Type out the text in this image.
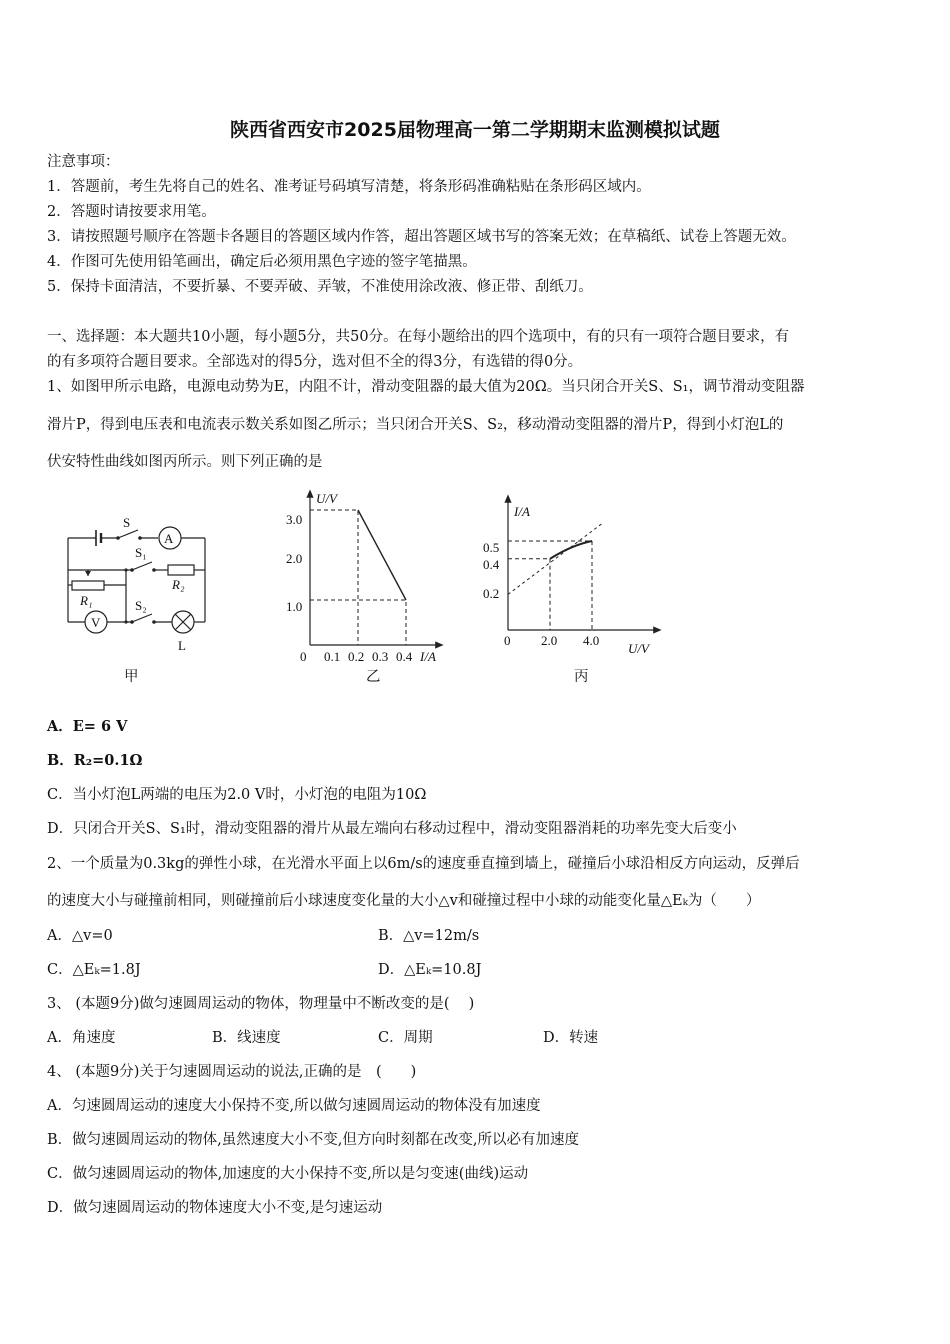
陕西省西安市2025届物理高一第二学期期末监测模拟试题
注意事项：
1．答题前，考生先将自己的姓名、准考证号码填写清楚，将条形码准确粘贴在条形码区域内。
2．答题时请按要求用笔。
3．请按照题号顺序在答题卡各题目的答题区域内作答，超出答题区域书写的答案无效；在草稿纸、试卷上答题无效。
4．作图可先使用铅笔画出，确定后必须用黑色字迹的签字笔描黑。
5．保持卡面清洁，不要折暴、不要弄破、弄皱，不准使用涂改液、修正带、刮纸刀。
一、选择题：本大题共10小题，每小题5分，共50分。在每小题给出的四个选项中，有的只有一项符合题目要求，有
的有多项符合题目要求。全部选对的得5分，选对但不全的得3分，有选错的得0分。
1、如图甲所示电路，电源电动势为E，内阻不计，滑动变阻器的最大值为20Ω。当只闭合开关S、S₁，调节滑动变阻器
滑片P，得到电压表和电流表示数关系如图乙所示；当只闭合开关S、S₂，移动滑动变阻器的滑片P，得到小灯泡L的
伏安特性曲线如图丙所示。则下列正确的是
S
A
S₁
R₂
R₁
V
S₂
L
甲
U/V
I/A
3.0
2.0
1.0
0 0.1 0.2 0.3 0.4
乙
I/A
U/V
0.5
0.4
0.2
0 2.0 4.0
丙
A．E= 6 V
B．R₂=0.1Ω
C．当小灯泡L两端的电压为2.0 V时，小灯泡的电阻为10Ω
D．只闭合开关S、S₁时，滑动变阻器的滑片从最左端向右移动过程中，滑动变阻器消耗的功率先变大后变小
2、一个质量为0.3kg的弹性小球，在光滑水平面上以6m/s的速度垂直撞到墙上，碰撞后小球沿相反方向运动，反弹后
的速度大小与碰撞前相同，则碰撞前后小球速度变化量的大小△v和碰撞过程中小球的动能变化量△Eₖ为（　　）
A．△v=0	B．△v=12m/s
C．△Eₖ=1.8J	D．△Eₖ=10.8J
3、 (本题9分)做匀速圆周运动的物体，物理量中不断改变的是(　 )
A．角速度	B．线速度	C．周期	D．转速
4、 (本题9分)关于匀速圆周运动的说法,正确的是　(　　)
A．匀速圆周运动的速度大小保持不变,所以做匀速圆周运动的物体没有加速度
B．做匀速圆周运动的物体,虽然速度大小不变,但方向时刻都在改变,所以必有加速度
C．做匀速圆周运动的物体,加速度的大小保持不变,所以是匀变速(曲线)运动
D．做匀速圆周运动的物体速度大小不变,是匀速运动
